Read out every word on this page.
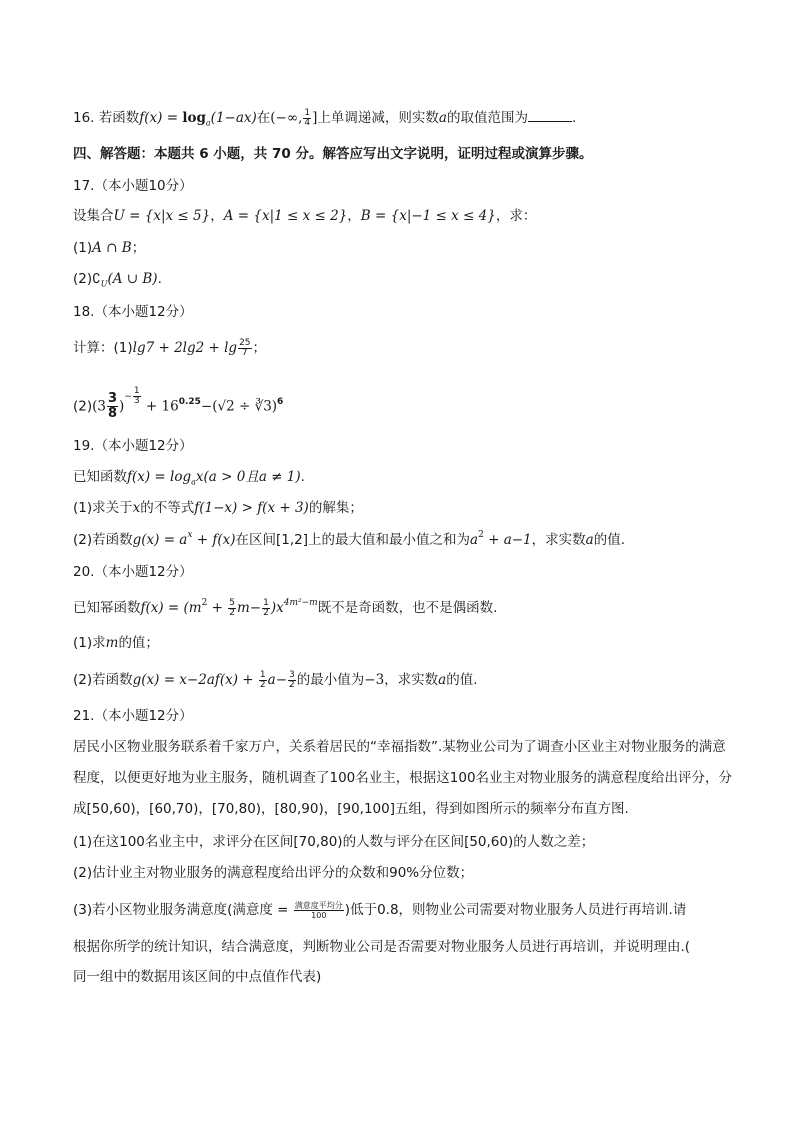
16. 若函数$f(x) = \log_a(1-ax)$在(−∞, $\frac{1}{4}$ ]上单调递减，则实数a的取值范围为	.
四、解答题：本题共 6 小题，共 70 分。解答应写出文字说明，证明过程或演算步骤。
17.（本小题10分）
设集合U = {x|x ≤ 5}，A = {x|1 ≤ x ≤ 2}，B = {x|−1 ≤ x ≤ 4}，求：
(1)A ∩ B；
$(2)∁_U(A$ ∪ B).
18.（本小题12分）
计算：$(1)\lg 7 + 2\lg 2 + \lg \frac{25}{7}$ ；
$(2)(3 \frac{3}{8} )^{- \frac{1}{3}}$
+ $16^{0.25}-(√2$ ÷ ∛3)$^6$
19.（本小题12分）
已知函数$f(x) = \log_ax(a > 0$且a ≠ 1).
(1)求关于x的不等式f(1−x) > f(x + 3)的解集；
(2)若函数$g(x) = a^x + f(x)$在区间[1,2]上的最大值和最小值之和为$a^2 + a-1$，求实数a的值.
20.（本小题12分）
已知幂函数$f(x) = (m^2 + \frac{5}{2} m- \frac{1}{2} )x^{4m^2-m}$既不是奇函数，也不是偶函数.
(1)求m的值；
(2)若函数$g(x) = x-2af(x) + \frac{1}{2} a- \frac{3}{2}$ 的最小值为−3，求实数a的值.
21.（本小题12分）
居民小区物业服务联系着千家万户，关系着居民的“幸福指数”.某物业公司为了调查小区业主对物业服务的满意程度，以便更好地为业主服务，随机调查了100名业主，根据这100名业主对物业服务的满意程度给出评分，分成[50,60)，[60,70)，[70,80)，[80,90)，[90,100]五组，得到如图所示的频率分布直方图.
(1)在这100名业主中，求评分在区间[70,80)的人数与评分在区间[50,60)的人数之差；
(2)估计业主对物业服务的满意程度给出评分的众数和90%分位数；
(3)若小区物业服务满意度(满意度 = $\frac{\text{满意度平均分}}{100}$ )低于0.8，则物业公司需要对物业服务人员进行再培训.请
根据你所学的统计知识，结合满意度，判断物业公司是否需要对物业服务人员进行再培训，并说明理由.(
同一组中的数据用该区间的中点值作代表)
